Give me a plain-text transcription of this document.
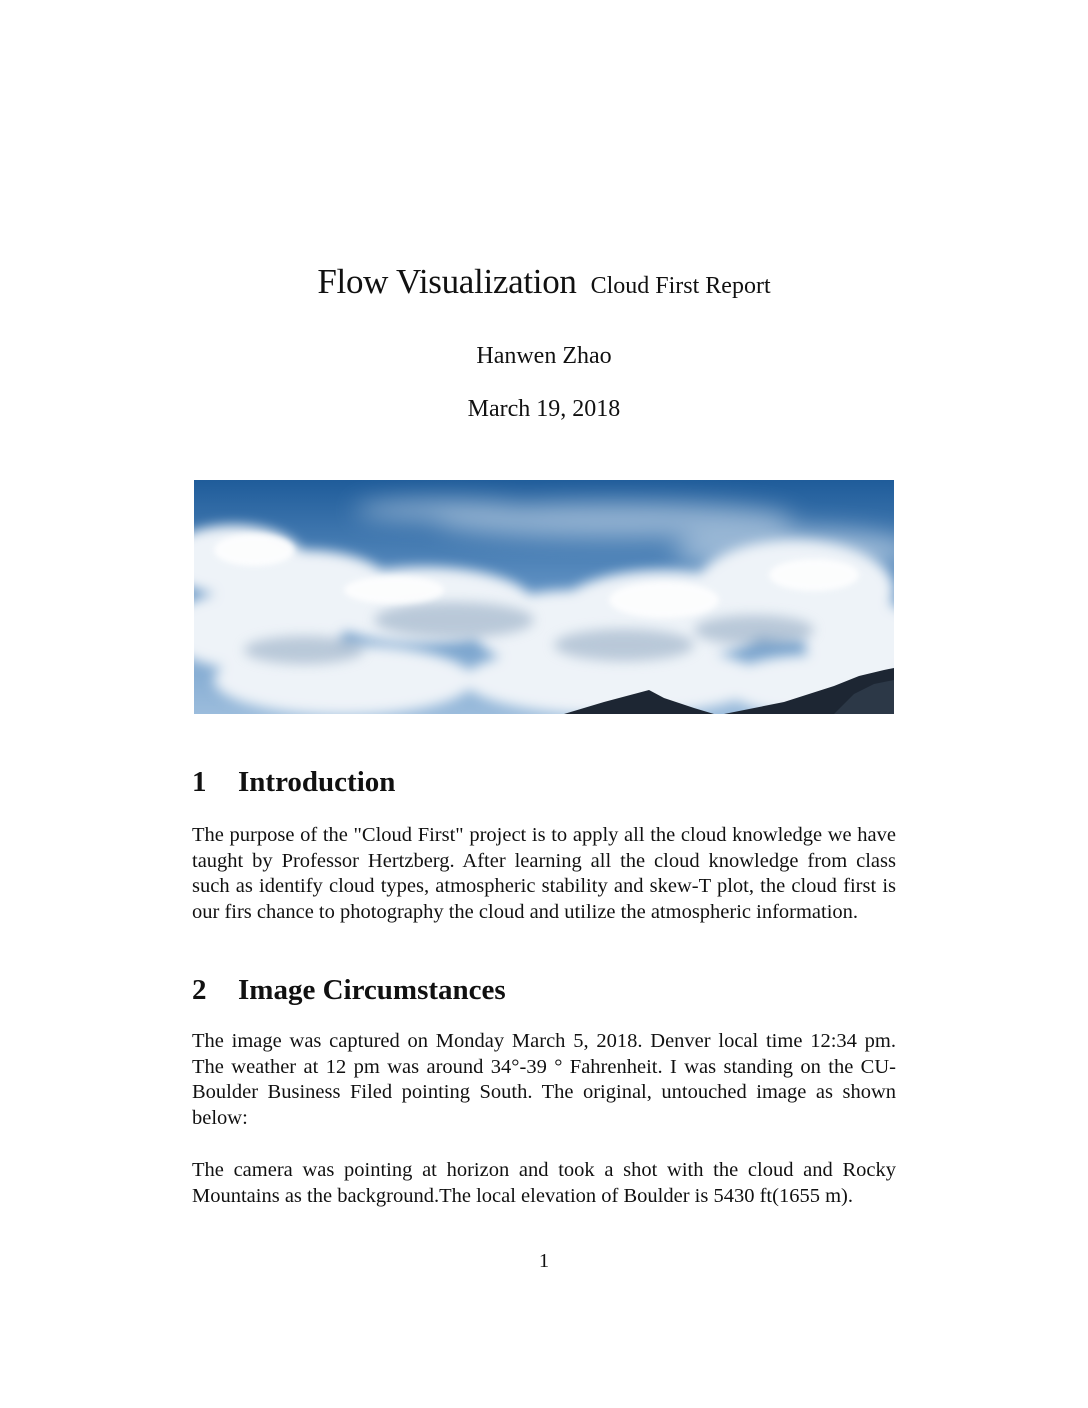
Flow Visualization Cloud First Report
Hanwen Zhao
March 19, 2018
1 Introduction
The purpose of the "Cloud First" project is to apply all the cloud knowledge we have taught by Professor Hertzberg. After learning all the cloud knowledge from class such as identify cloud types, atmospheric stability and skew-T plot, the cloud first is our firs chance to photography the cloud and utilize the atmospheric information.
2 Image Circumstances
The image was captured on Monday March 5, 2018. Denver local time 12:34 pm. The weather at 12 pm was around 34°-39 ° Fahrenheit. I was standing on the CU-Boulder Business Filed pointing South. The original, untouched image as shown below:
The camera was pointing at horizon and took a shot with the cloud and Rocky Mountains as the background.The local elevation of Boulder is 5430 ft(1655 m).
1
